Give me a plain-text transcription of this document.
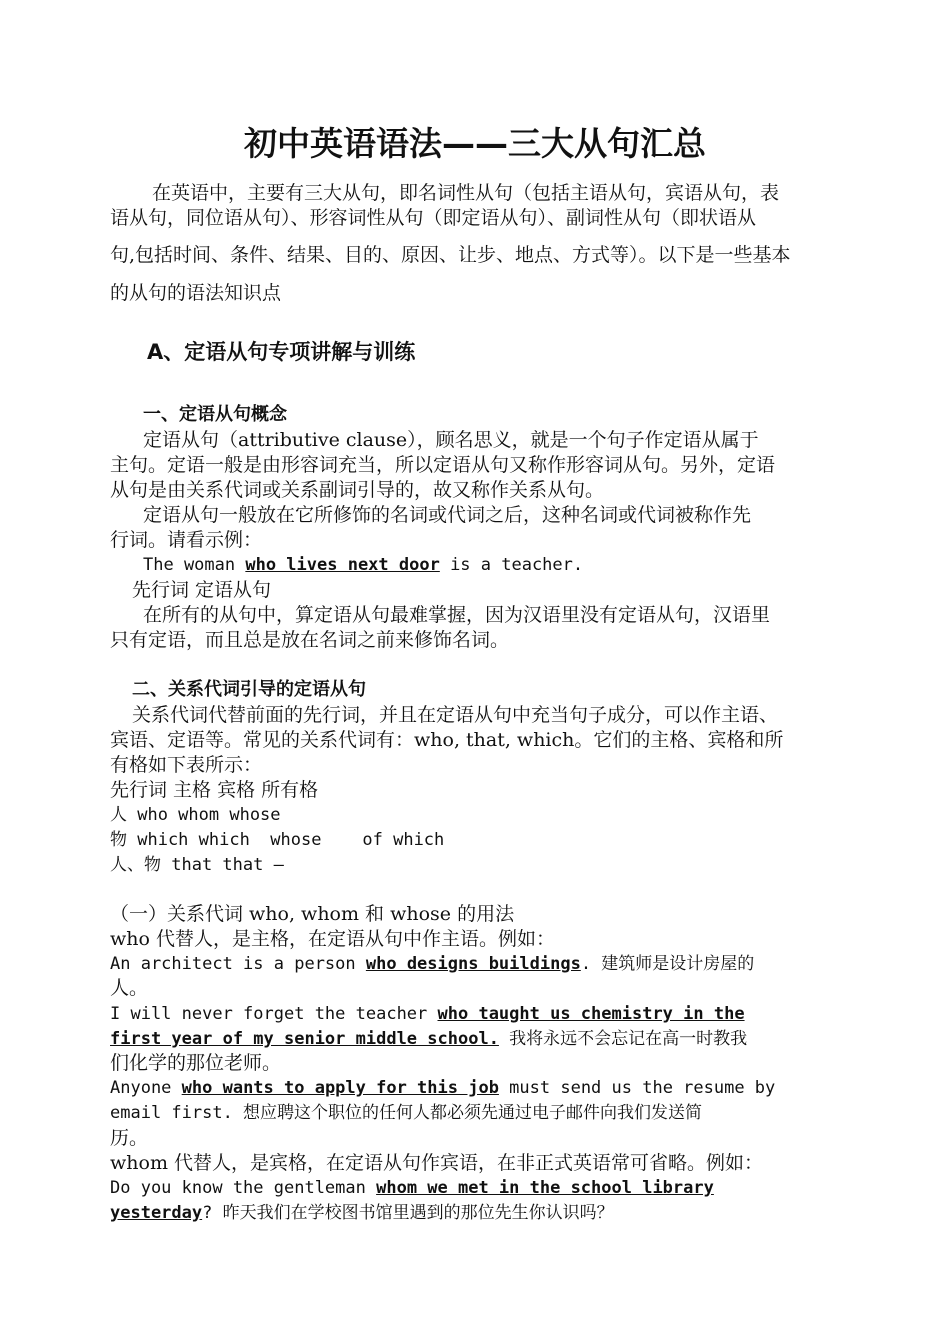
初中英语语法——三大从句汇总
在英语中，主要有三大从句，即名词性从句（包括主语从句，宾语从句，表
语从句，同位语从句）、形容词性从句（即定语从句）、副词性从句（即状语从
句,包括时间、条件、结果、目的、原因、让步、地点、方式等）。以下是一些基本
的从句的语法知识点
A、定语从句专项讲解与训练
一、定语从句概念
定语从句（attributive clause），顾名思义，就是一个句子作定语从属于
主句。定语一般是由形容词充当，所以定语从句又称作形容词从句。另外，定语
从句是由关系代词或关系副词引导的，故又称作关系从句。
定语从句一般放在它所修饰的名词或代词之后，这种名词或代词被称作先
行词。请看示例：
The woman who lives next door is a teacher.
先行词 定语从句
在所有的从句中，算定语从句最难掌握，因为汉语里没有定语从句，汉语里
只有定语，而且总是放在名词之前来修饰名词。
二、关系代词引导的定语从句
关系代词代替前面的先行词，并且在定语从句中充当句子成分，可以作主语、
宾语、定语等。常见的关系代词有：who, that, which。它们的主格、宾格和所
有格如下表所示：
先行词 主格 宾格 所有格
人 who whom whose
物 which which  whose    of which
人、物 that that —
（一）关系代词 who, whom 和 whose 的用法
who 代替人，是主格，在定语从句中作主语。例如：
An architect is a person who designs buildings. 建筑师是设计房屋的
人。
I will never forget the teacher who taught us chemistry in the
first year of my senior middle school. 我将永远不会忘记在高一时教我
们化学的那位老师。
Anyone who wants to apply for this job must send us the resume by
email first. 想应聘这个职位的任何人都必须先通过电子邮件向我们发送简
历。
whom 代替人，是宾格，在定语从句作宾语，在非正式英语常可省略。例如：
Do you know the gentleman whom we met in the school library
yesterday? 昨天我们在学校图书馆里遇到的那位先生你认识吗？
